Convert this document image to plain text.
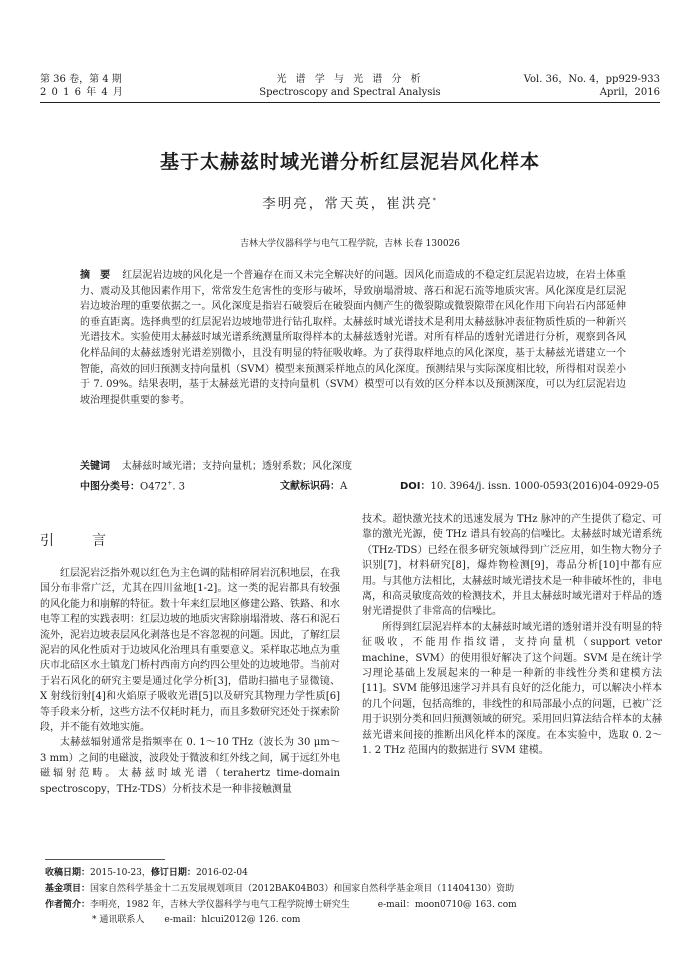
第 36 卷，第 4 期
2 0 1 6 年 4 月
光 谱 学 与 光 谱 分 析
Spectroscopy and Spectral Analysis
Vol. 36，No. 4，pp929-933
April，2016
基于太赫兹时域光谱分析红层泥岩风化样本
李明亮，常天英，崔洪亮*
吉林大学仪器科学与电气工程学院，吉林 长春 130026
摘　要 红层泥岩边坡的风化是一个普遍存在而又未完全解决好的问题。因风化而造成的不稳定红层泥岩边坡，在岩土体重力、震动及其他因素作用下，常常发生危害性的变形与破坏，导致崩塌滑坡、落石和泥石流等地质灾害。风化深度是红层泥岩边坡治理的重要依据之一。风化深度是指岩石破裂后在破裂面内侧产生的微裂隙或微裂隙带在风化作用下向岩石内部延伸的垂直距离。选择典型的红层泥岩边坡地带进行钻孔取样。太赫兹时域光谱技术是利用太赫兹脉冲表征物质性质的一种新兴光谱技术。实验使用太赫兹时域光谱系统测量所取得样本的太赫兹透射光谱。对所有样品的透射光谱进行分析，观察到各风化样品间的太赫兹透射光谱差别微小，且没有明显的特征吸收峰。为了获得取样地点的风化深度，基于太赫兹光谱建立一个智能，高效的回归预测支持向量机（SVM）模型来预测采样地点的风化深度。预测结果与实际深度相比较，所得相对误差小于 7. 09%。结果表明，基于太赫兹光谱的支持向量机（SVM）模型可以有效的区分样本以及预测深度，可以为红层泥岩边坡治理提供重要的参考。
关键词 太赫兹时域光谱；支持向量机；透射系数；风化深度
中图分类号：O472+. 3	文献标识码：A	DOI：10. 3964/j. issn. 1000-0593(2016)04-0929-05
引　言

红层泥岩泛指外观以红色为主色调的陆相碎屑岩沉积地层，在我国分布非常广泛，尤其在四川盆地[1-2]。这一类的泥岩都具有较强的风化能力和崩解的特征。数十年来红层地区修建公路、铁路、和水电等工程的实践表明：红层边坡的地质灾害除崩塌滑坡、落石和泥石流外，泥岩边坡表层风化剥落也是不容忽视的问题。因此，了解红层泥岩的风化性质对于边坡风化治理具有重要意义。采样取芯地点为重庆市北碚区水土镇龙门桥村西南方向约四公里处的边坡地带。当前对于岩石风化的研究主要是通过化学分析[3]，借助扫描电子显微镜、X 射线衍射[4]和火焰原子吸收光谱[5]以及研究其物理力学性质[6]等手段来分析，这些方法不仅耗时耗力，而且多数研究还处于探索阶段，并不能有效地实施。

太赫兹辐射通常是指频率在 0. 1～10 THz（波长为 30 μm～3 mm）之间的电磁波，波段处于微波和红外线之间，属于远红外电磁辐射范畴。太赫兹时域光谱（terahertz time-domain spectroscopy，THz-TDS）分析技术是一种非接触测量

技术。超快激光技术的迅速发展为 THz 脉冲的产生提供了稳定、可靠的激光光源，使 THz 谱具有较高的信噪比。太赫兹时域光谱系统（THz-TDS）已经在很多研究领域得到广泛应用，如生物大物分子识别[7]，材料研究[8]，爆炸物检测[9]，毒品分析[10]中都有应用。与其他方法相比，太赫兹时域光谱技术是一种非破坏性的，非电离，和高灵敏度高效的检测技术，并且太赫兹时域光谱对于样品的透射光谱提供了非常高的信噪比。

所得到红层泥岩样本的太赫兹时域光谱的透射谱并没有明显的特征吸收，不能用作指纹谱，支持向量机（support vetor machine，SVM）的使用很好解决了这个问题。SVM 是在统计学习理论基础上发展起来的一种是一种新的非线性分类和建模方法[11]。SVM 能够迅速学习并具有良好的泛化能力，可以解决小样本的几个问题，包括高维的，非线性的和局部最小点的问题，已被广泛用于识别分类和回归预测领域的研究。采用回归算法结合样本的太赫兹光谱来间接的推断出风化样本的深度。在本实验中，选取 0. 2～1. 2 THz 范围内的数据进行 SVM 建模。

收稿日期：2015-10-23，修订日期：2016-02-04
基金项目：国家自然科学基金十二五发展规划项目（2012BAK04B03）和国家自然科学基金项目（11404130）资助
作者简介：李明亮，1982 年，吉林大学仪器科学与电气工程学院博士研究生	e-mail：moon0710@ 163. com
* 通讯联系人 e-mail：hlcui2012@ 126. com
